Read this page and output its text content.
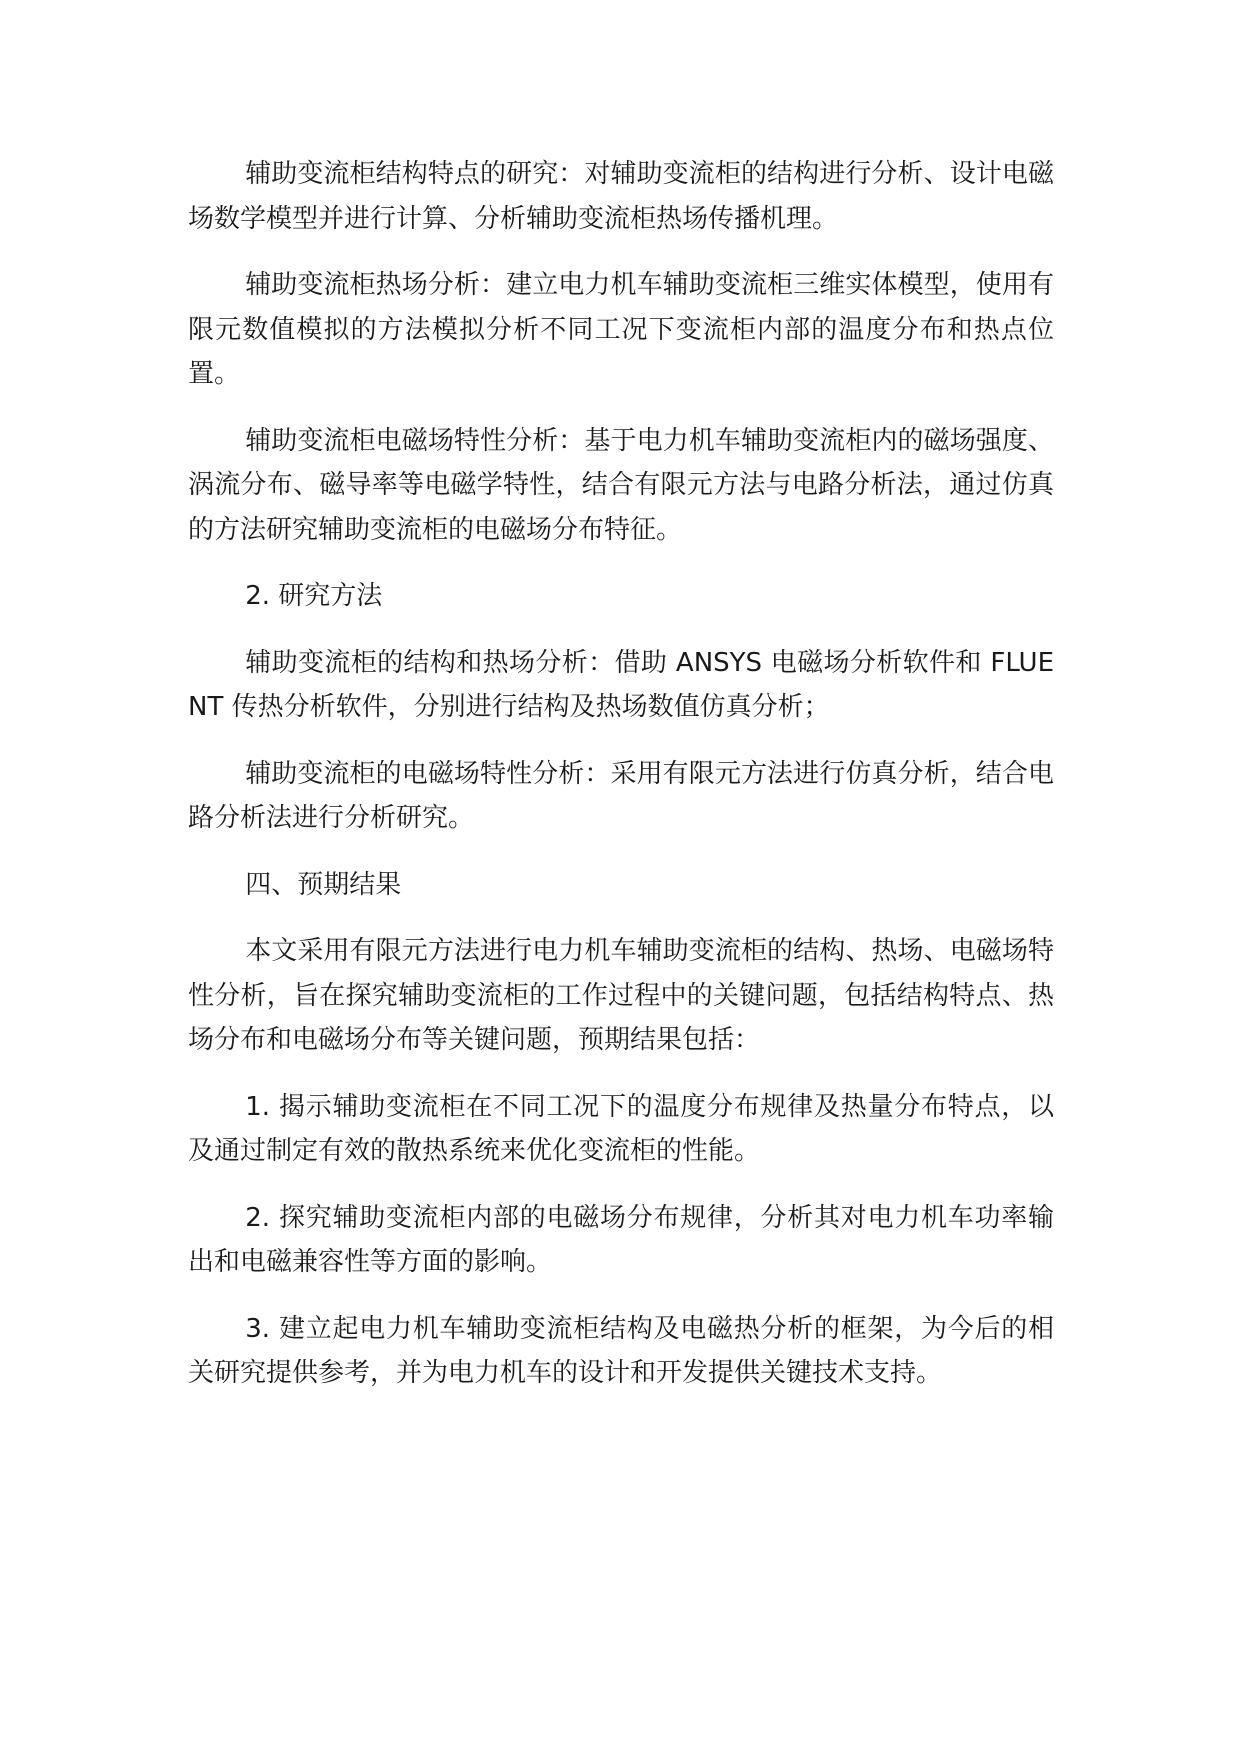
辅助变流柜结构特点的研究：对辅助变流柜的结构进行分析、设计电磁场数学模型并进行计算、分析辅助变流柜热场传播机理。

辅助变流柜热场分析：建立电力机车辅助变流柜三维实体模型，使用有限元数值模拟的方法模拟分析不同工况下变流柜内部的温度分布和热点位置。

辅助变流柜电磁场特性分析：基于电力机车辅助变流柜内的磁场强度、涡流分布、磁导率等电磁学特性，结合有限元方法与电路分析法，通过仿真的方法研究辅助变流柜的电磁场分布特征。

2. 研究方法

辅助变流柜的结构和热场分析：借助 ANSYS 电磁场分析软件和 FLUENT 传热分析软件，分别进行结构及热场数值仿真分析；

辅助变流柜的电磁场特性分析：采用有限元方法进行仿真分析，结合电路分析法进行分析研究。

四、预期结果

本文采用有限元方法进行电力机车辅助变流柜的结构、热场、电磁场特性分析，旨在探究辅助变流柜的工作过程中的关键问题，包括结构特点、热场分布和电磁场分布等关键问题，预期结果包括：

1. 揭示辅助变流柜在不同工况下的温度分布规律及热量分布特点，以及通过制定有效的散热系统来优化变流柜的性能。

2. 探究辅助变流柜内部的电磁场分布规律，分析其对电力机车功率输出和电磁兼容性等方面的影响。

3. 建立起电力机车辅助变流柜结构及电磁热分析的框架，为今后的相关研究提供参考，并为电力机车的设计和开发提供关键技术支持。
